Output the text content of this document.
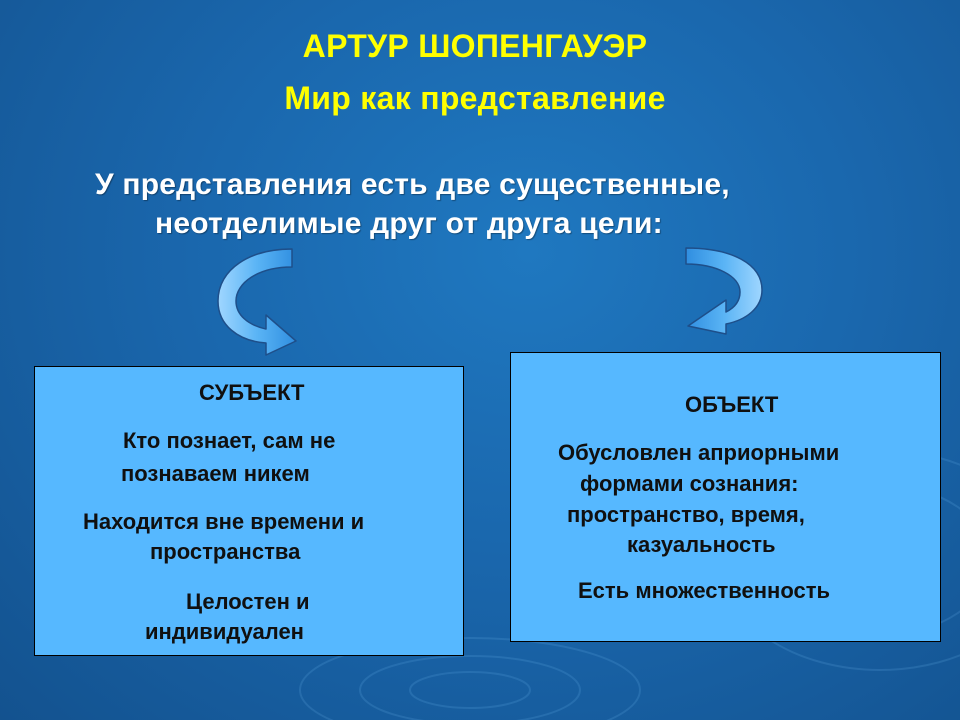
АРТУР ШОПЕНГАУЭР
Мир как представление
У представления есть две существенные,
неотделимые друг от друга цели:
СУБЪЕКТ
Кто познает, сам не
познаваем никем
Находится вне времени и
пространства
Целостен и
индивидуален
ОБЪЕКТ
Обусловлен априорными
формами сознания:
пространство, время,
казуальность
Есть множественность
